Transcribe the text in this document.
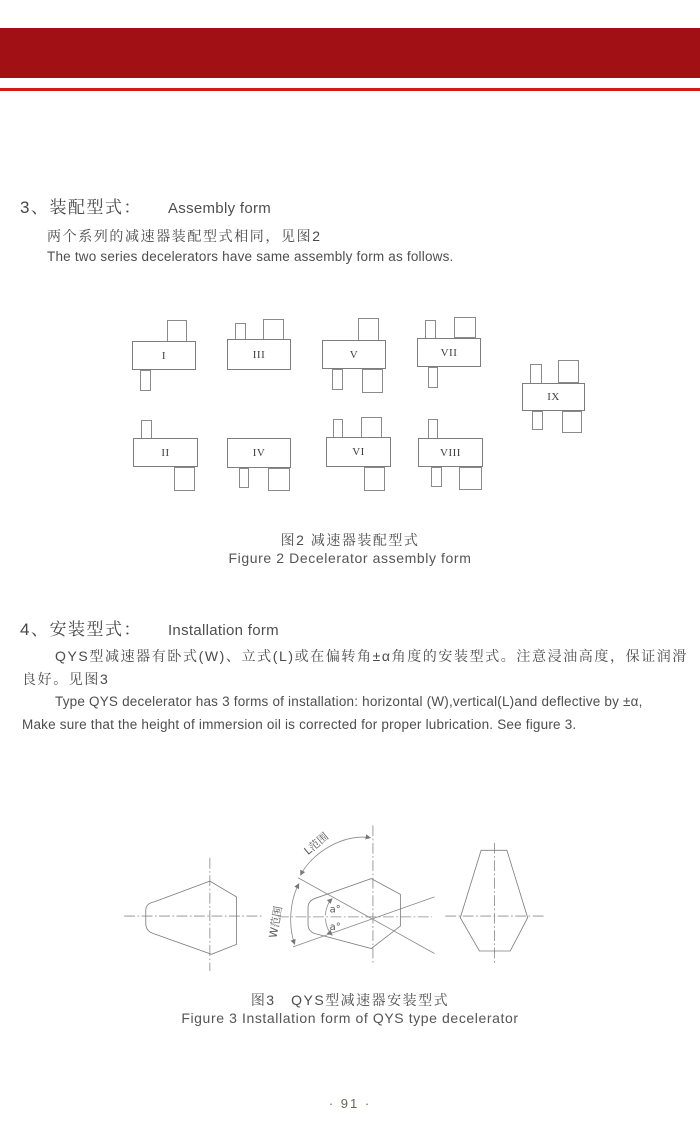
3、装配型式： Assembly form
两个系列的减速器装配型式相同，见图2
The two series decelerators have same assembly form as follows.
I	III	V	VII
IX
II	IV	VI	VIII
图2 减速器装配型式
Figure 2 Decelerator assembly form
4、安装型式： Installation form
QYS型减速器有卧式(W)、立式(L)或在偏转角±α角度的安装型式。注意浸油高度，保证润滑
良好。见图3
Type QYS decelerator has 3 forms of installation: horizontal (W),vertical(L)and deflective by ±α,
Make sure that the height of immersion oil is corrected for proper lubrication. See figure 3.
L范围
W范围	a°
a°
图3　QYS型减速器安装型式
Figure 3 Installation form of QYS type decelerator
· 91 ·
